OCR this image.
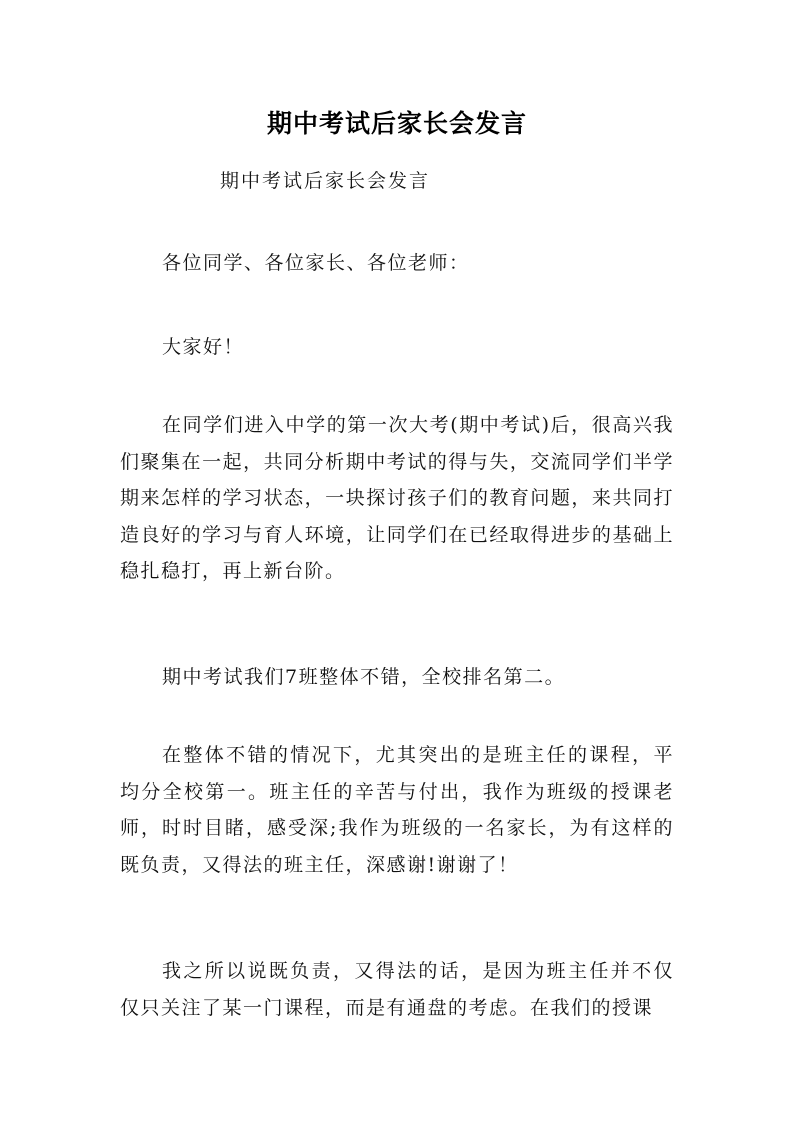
期中考试后家长会发言
期中考试后家长会发言

各位同学、各位家长、各位老师：

大家好！

在同学们进入中学的第一次大考(期中考试)后，很高兴我们聚集在一起，共同分析期中考试的得与失，交流同学们半学期来怎样的学习状态，一块探讨孩子们的教育问题，来共同打造良好的学习与育人环境，让同学们在已经取得进步的基础上稳扎稳打，再上新台阶。

期中考试我们7班整体不错，全校排名第二。

在整体不错的情况下，尤其突出的是班主任的课程，平均分全校第一。班主任的辛苦与付出，我作为班级的授课老师，时时目睹，感受深;我作为班级的一名家长，为有这样的既负责，又得法的班主任，深感谢!谢谢了！

我之所以说既负责，又得法的话，是因为班主任并不仅仅只关注了某一门课程，而是有通盘的考虑。在我们的授课
